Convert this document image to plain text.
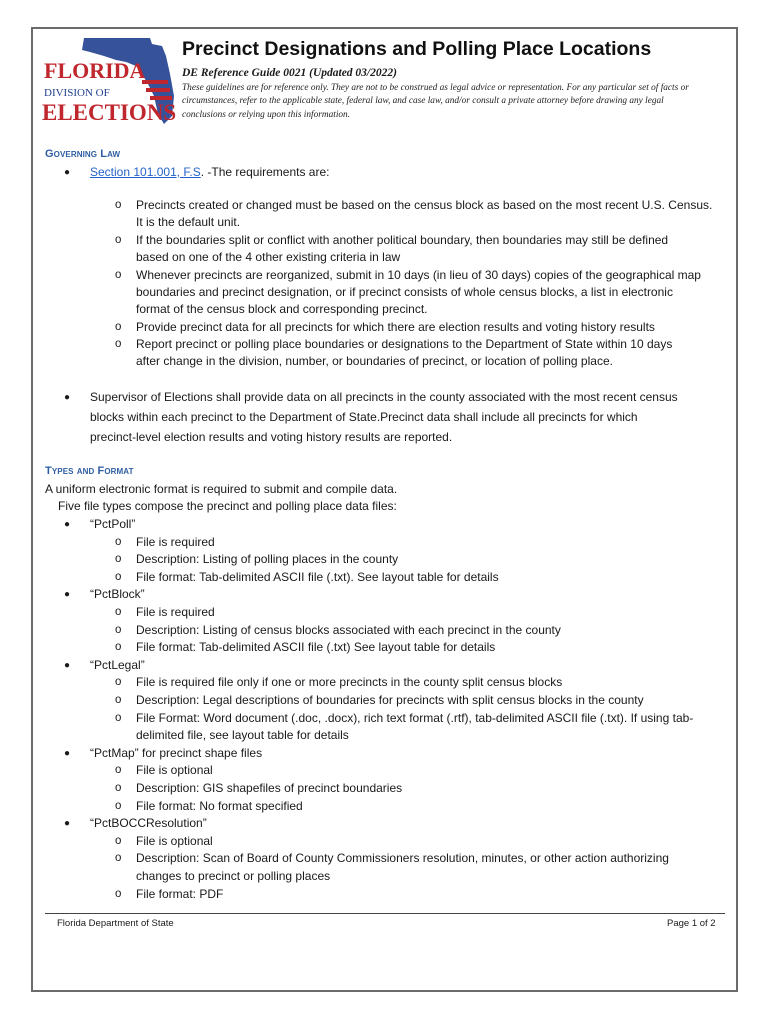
FLORIDA
DIVISION OF
ELECTIONS
Precinct Designations and Polling Place Locations

DE Reference Guide 0021 (Updated 03/2022)

These guidelines are for reference only. They are not to be construed as legal advice or representation. For any particular set of facts or
circumstances, refer to the applicable state, federal law, and case law, and/or consult a private attorney before drawing any legal
conclusions or relying upon this information.
Governing Law
● Section 101.001, F.S. -The requirements are:

o Precincts created or changed must be based on the census block as based on the most recent U.S. Census.

It is the default unit.

o If the boundaries split or conflict with another political boundary, then boundaries may still be defined

based on one of the 4 other existing criteria in law

o Whenever precincts are reorganized, submit in 10 days (in lieu of 30 days) copies of the geographical map

boundaries and precinct designation, or if precinct consists of whole census blocks, a list in electronic

format of the census block and corresponding precinct.

o Provide precinct data for all precincts for which there are election results and voting history results

o Report precinct or polling place boundaries or designations to the Department of State within 10 days

after change in the division, number, or boundaries of precinct, or location of polling place.

● Supervisor of Elections shall provide data on all precincts in the county associated with the most recent census

blocks within each precinct to the Department of State.Precinct data shall include all precincts for which

precinct-level election results and voting history results are reported.

Types and Format

A uniform electronic format is required to submit and compile data.

Five file types compose the precinct and polling place data files:

● “PctPoll”

o File is required

o Description: Listing of polling places in the county

o File format: Tab-delimited ASCII file (.txt). See layout table for details

● “PctBlock”

o File is required

o Description: Listing of census blocks associated with each precinct in the county

o File format: Tab-delimited ASCII file (.txt) See layout table for details

● “PctLegal”

o File is required file only if one or more precincts in the county split census blocks

o Description: Legal descriptions of boundaries for precincts with split census blocks in the county

o File Format: Word document (.doc, .docx), rich text format (.rtf), tab-delimited ASCII file (.txt). If using tab-

delimited file, see layout table for details

● “PctMap” for precinct shape files

o File is optional

o Description: GIS shapefiles of precinct boundaries

o File format: No format specified

● “PctBOCCResolution”

o File is optional

o Description: Scan of Board of County Commissioners resolution, minutes, or other action authorizing

changes to precinct or polling places

o File format: PDF

Florida Department of State	Page 1 of 2
